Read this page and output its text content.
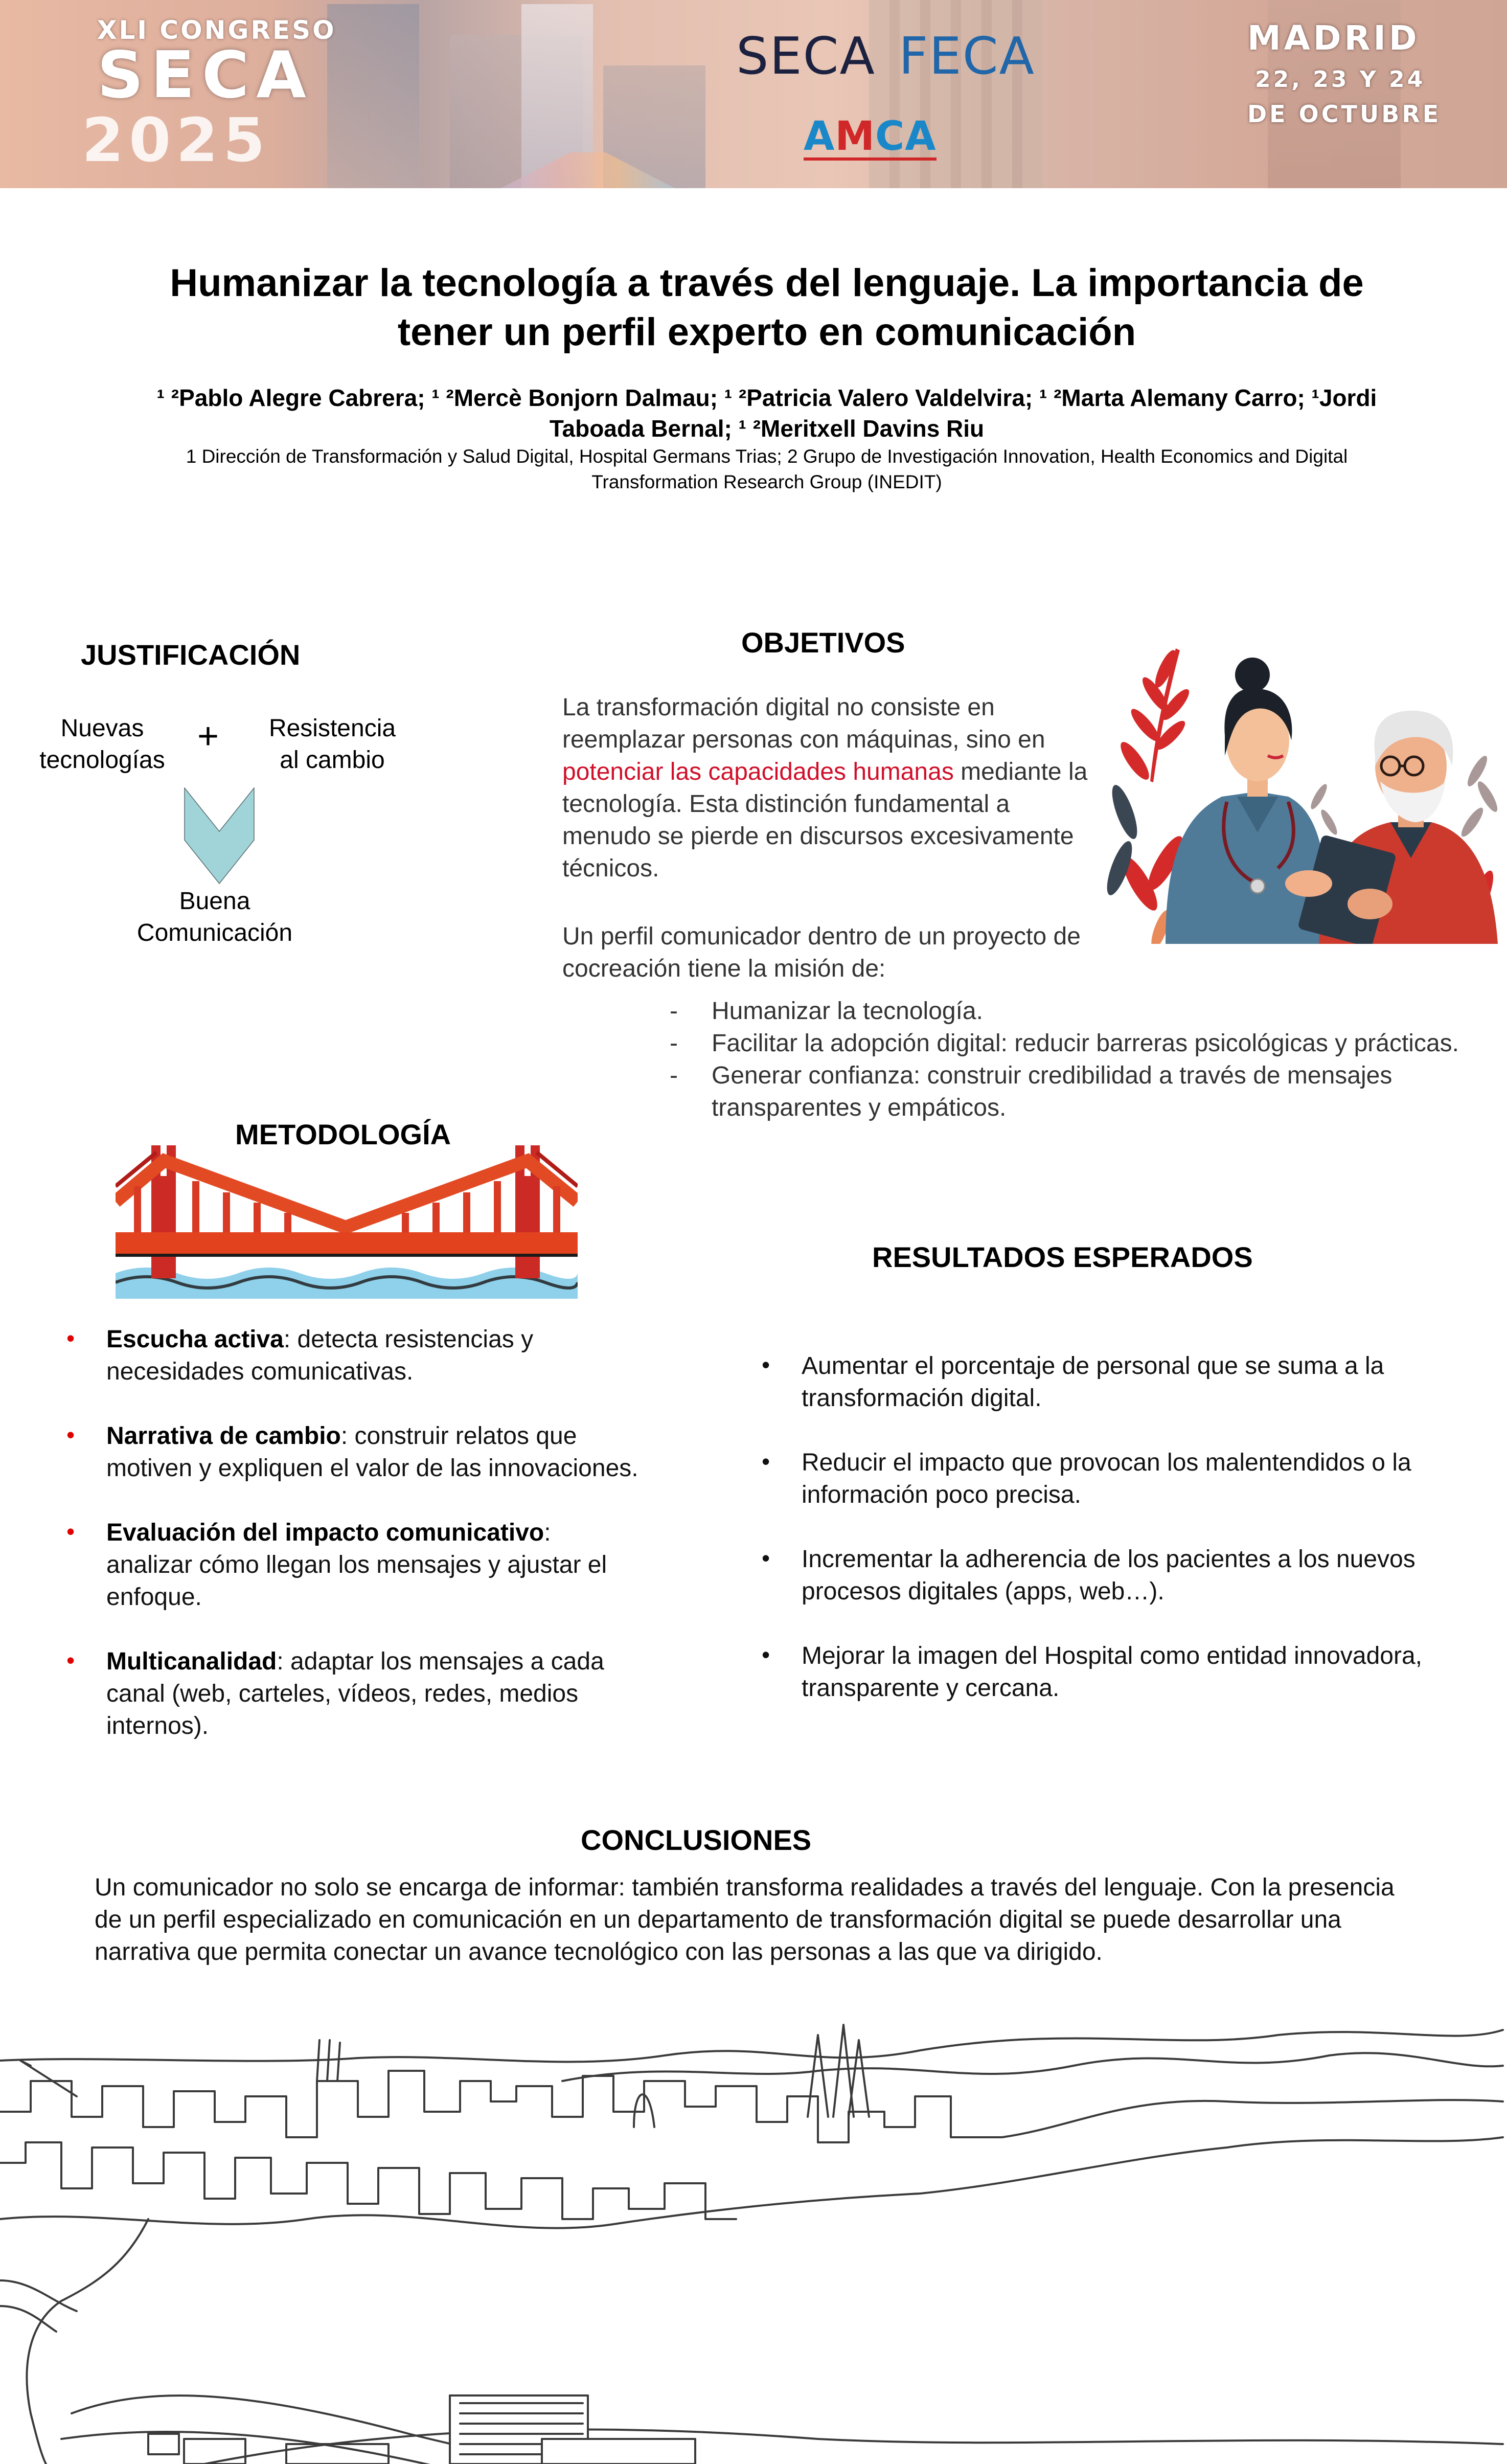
XLI CONGRESO
SECA
2025
SECA FECA
AMCA
MADRID
22, 23 Y 24
DE OCTUBRE
Humanizar la tecnología a través del lenguaje. La importancia de tener un perfil experto en comunicación
¹ ²Pablo Alegre Cabrera; ¹ ²Mercè Bonjorn Dalmau; ¹ ²Patricia Valero Valdelvira; ¹ ²Marta Alemany Carro; ¹Jordi Taboada Bernal; ¹ ²Meritxell Davins Riu
1 Dirección de Transformación y Salud Digital, Hospital Germans Trias; 2 Grupo de Investigación Innovation, Health Economics and Digital Transformation Research Group (INEDIT)
JUSTIFICACIÓN
Nuevas
tecnologías
+	Resistencia
al cambio
Buena
Comunicación
OBJETIVOS

La transformación digital no consiste en reemplazar personas con máquinas, sino en potenciar las capacidades humanas mediante la tecnología. Esta distinción fundamental a menudo se pierde en discursos excesivamente técnicos.

Un perfil comunicador dentro de un proyecto de cocreación tiene la misión de:

- Humanizar la tecnología.
- Facilitar la adopción digital: reducir barreras psicológicas y prácticas.
- Generar confianza: construir credibilidad a través de mensajes transparentes y empáticos.
METODOLOGÍA
• Escucha activa: detecta resistencias y necesidades comunicativas.
• Narrativa de cambio: construir relatos que motiven y expliquen el valor de las innovaciones.
• Evaluación del impacto comunicativo: analizar cómo llegan los mensajes y ajustar el enfoque.
• Multicanalidad: adaptar los mensajes a cada canal (web, carteles, vídeos, redes, medios internos).
RESULTADOS ESPERADOS
• Aumentar el porcentaje de personal que se suma a la transformación digital.
• Reducir el impacto que provocan los malentendidos o la información poco precisa.
• Incrementar la adherencia de los pacientes a los nuevos procesos digitales (apps, web…).
• Mejorar la imagen del Hospital como entidad innovadora, transparente y cercana.
CONCLUSIONES

Un comunicador no solo se encarga de informar: también transforma realidades a través del lenguaje. Con la presencia de un perfil especializado en comunicación en un departamento de transformación digital se puede desarrollar una narrativa que permita conectar un avance tecnológico con las personas a las que va dirigido.
